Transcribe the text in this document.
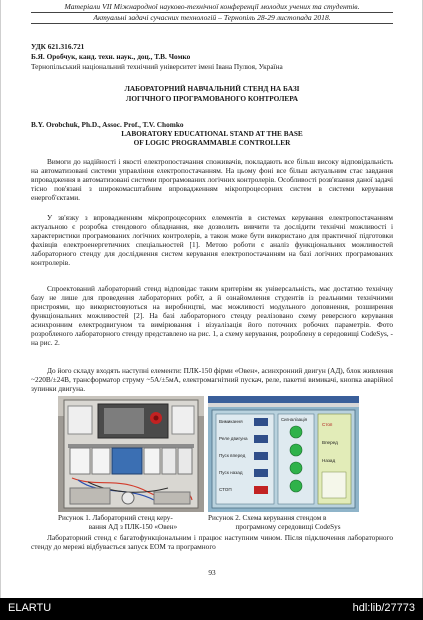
Матеріали VII Міжнародної науково-технічної конференції молодих учених та студентів.
Актуальні задачі сучасних технологій – Тернопіль 28-29 листопада 2018.

УДК 621.316.721

Б.Я. Оробчук, канд. техн. наук., доц., Т.В. Чомко

Тернопільський національний технічний університет імені Івана Пулюя, Україна

ЛАБОРАТОРНИЙ НАВЧАЛЬНИЙ СТЕНД НА БАЗІ

ЛОГІЧНОГО ПРОГРАМОВАНОГО КОНТРОЛЕРА

B.Y. Orobchuk, Ph.D., Assoc. Prof., T.V. Chomko

LABORATORY EDUCATIONAL STAND AT THE BASE

OF LOGIC PROGRAMMABLE CONTROLLER

Вимоги до надійності і якості електропостачання споживачів, покладають все більш високу відповідальність на автоматизовані системи управління електропостачанням. На цьому фоні все більш актуальним стає завдання впровадження в автоматизовані системи програмованих логічних контролерів. Особливості розв'язання даної задачі тісно пов'язані з широкомасштабним впровадженням мікропроцесорних систем в системи керування енергоб'єктами.

У зв'язку з впровадженням мікропроцесорних елементів в системах керування електропостачанням актуальною є розробка стендового обладнання, яке дозволить вивчити та дослідити технічні можливості і характеристики програмованих логічних контролерів, а також може бути використано для практичної підготовки фахівців електроенергетичних спеціальностей [1]. Метою роботи є аналіз функціональних можливостей лабораторного стенду для дослідження систем керування електропостачанням на базі логічних програмованих контролерів.

Спроектований лабораторний стенд відповідає таким критеріям як універсальність, має достатню технічну базу не лише для проведення лабораторних робіт, а й ознайомлення студентів із реальними технічними пристроями, що використовуються на виробництві, має можливості модульного доповнення, розширення функціональних можливостей [2]. На базі лабораторного стенду реалізовано схему реверсного керування асинхронним електродвигуном та вимірювання і візуалізація його поточних робочих параметрів. Фото розробленого лабораторного стенду представлено на рис. 1, а схему керування, розроблену в середовищі CodeSys, - на рис. 2.

До його складу входять наступні елементи: ПЛК-150 фірми «Овен», асинхронний двигун (АД), блок живлення ~220В/±24В, трансформатор струму ~5А/±5мА, електромагнітний пускач, реле, пакетні вимикачі, кнопка аварійної зупинки двигуна.

Вимикання
Реле двигуна
Пуск вперед
Пуск назад
СТОП
Сигналізація
Стоп
Вперед
Назад
Рисунок 1. Лабораторний стенд керу-
вання АД з ПЛК-150 «Овен»
Рисунок 2. Схема керування стендом в
програмному середовищі CodeSys

Лабораторний стенд є багатофункціональним і працює наступним чином. Після підключення лабораторного стенду до мережі відбувається запуск ЕОМ та програмного

93

ELARTU	hdl:lib/27773
